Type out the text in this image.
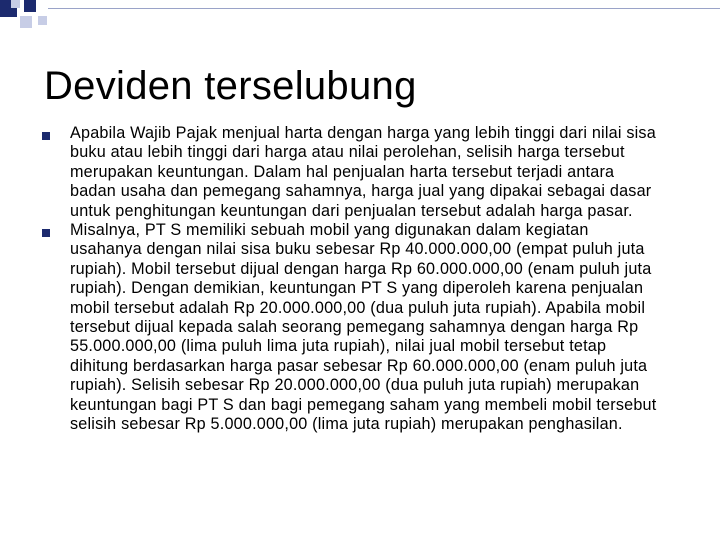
Deviden terselubung

Apabila Wajib Pajak menjual harta dengan harga yang lebih tinggi dari nilai sisa buku atau lebih tinggi dari harga atau nilai perolehan, selisih harga tersebut merupakan keuntungan. Dalam hal penjualan harta tersebut terjadi antara badan usaha dan pemegang sahamnya, harga jual yang dipakai sebagai dasar untuk penghitungan keuntungan dari penjualan tersebut adalah harga pasar.

Misalnya, PT S memiliki sebuah mobil yang digunakan dalam kegiatan usahanya dengan nilai sisa buku sebesar Rp 40.000.000,00 (empat puluh juta rupiah). Mobil tersebut dijual dengan harga Rp 60.000.000,00 (enam puluh juta rupiah). Dengan demikian, keuntungan PT S yang diperoleh karena penjualan mobil tersebut adalah Rp 20.000.000,00 (dua puluh juta rupiah). Apabila mobil tersebut dijual kepada salah seorang pemegang sahamnya dengan harga Rp 55.000.000,00 (lima puluh lima juta rupiah), nilai jual mobil tersebut tetap dihitung berdasarkan harga pasar sebesar Rp 60.000.000,00 (enam puluh juta rupiah). Selisih sebesar Rp 20.000.000,00 (dua puluh juta rupiah) merupakan keuntungan bagi PT S dan bagi pemegang saham yang membeli mobil tersebut selisih sebesar Rp 5.000.000,00 (lima juta rupiah) merupakan penghasilan.
